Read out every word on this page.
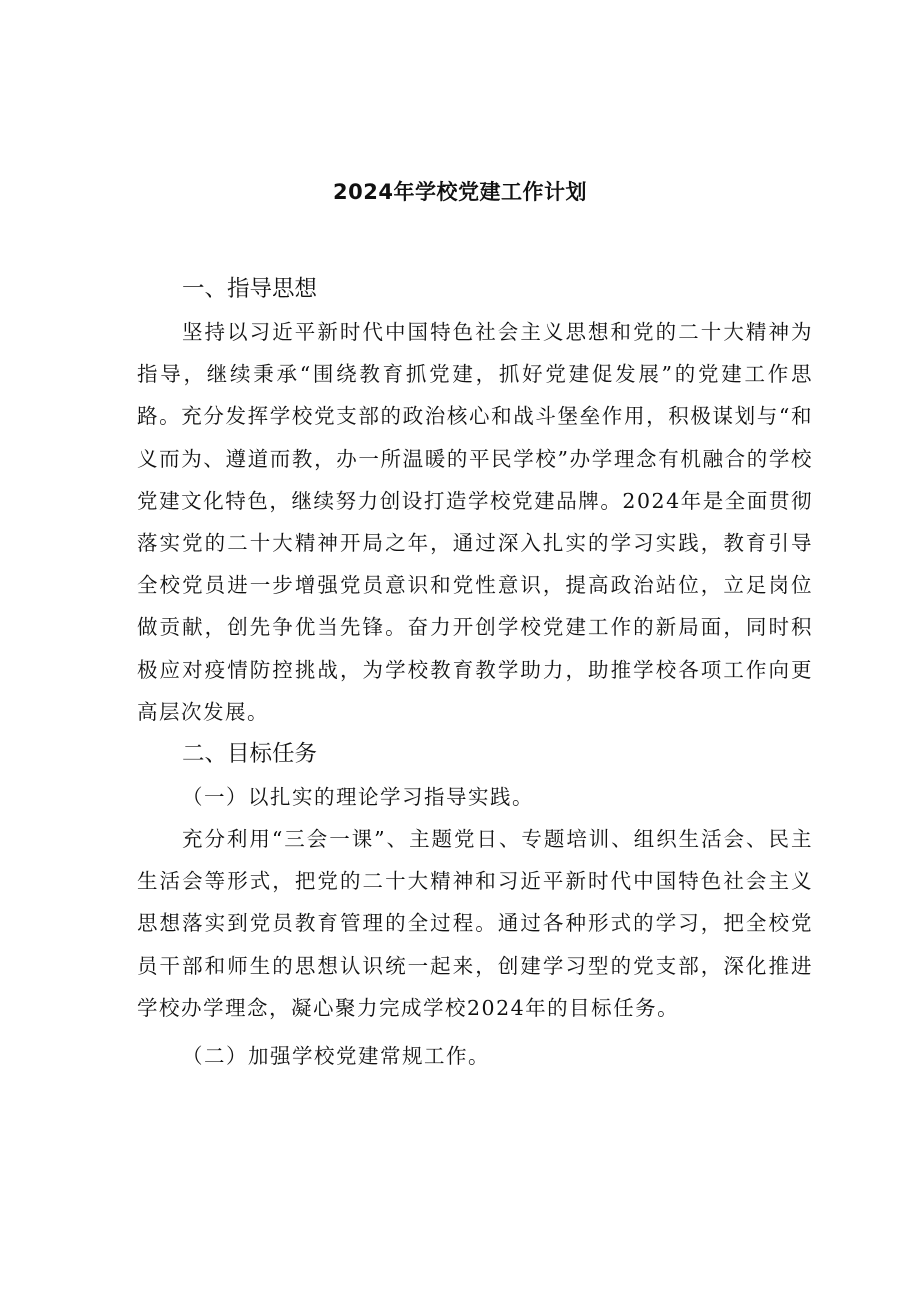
2024年学校党建工作计划
一、指导思想

坚持以习近平新时代中国特色社会主义思想和党的二十大精神为指导，继续秉承“围绕教育抓党建，抓好党建促发展”的党建工作思路。充分发挥学校党支部的政治核心和战斗堡垒作用，积极谋划与“和义而为、遵道而教，办一所温暖的平民学校”办学理念有机融合的学校党建文化特色，继续努力创设打造学校党建品牌。2024年是全面贯彻落实党的二十大精神开局之年，通过深入扎实的学习实践，教育引导全校党员进一步增强党员意识和党性意识，提高政治站位，立足岗位做贡献，创先争优当先锋。奋力开创学校党建工作的新局面，同时积极应对疫情防控挑战，为学校教育教学助力，助推学校各项工作向更高层次发展。

二、目标任务
（一）以扎实的理论学习指导实践。

充分利用“三会一课”、主题党日、专题培训、组织生活会、民主生活会等形式，把党的二十大精神和习近平新时代中国特色社会主义思想落实到党员教育管理的全过程。通过各种形式的学习，把全校党员干部和师生的思想认识统一起来，创建学习型的党支部，深化推进学校办学理念，凝心聚力完成学校2024年的目标任务。

（二）加强学校党建常规工作。
